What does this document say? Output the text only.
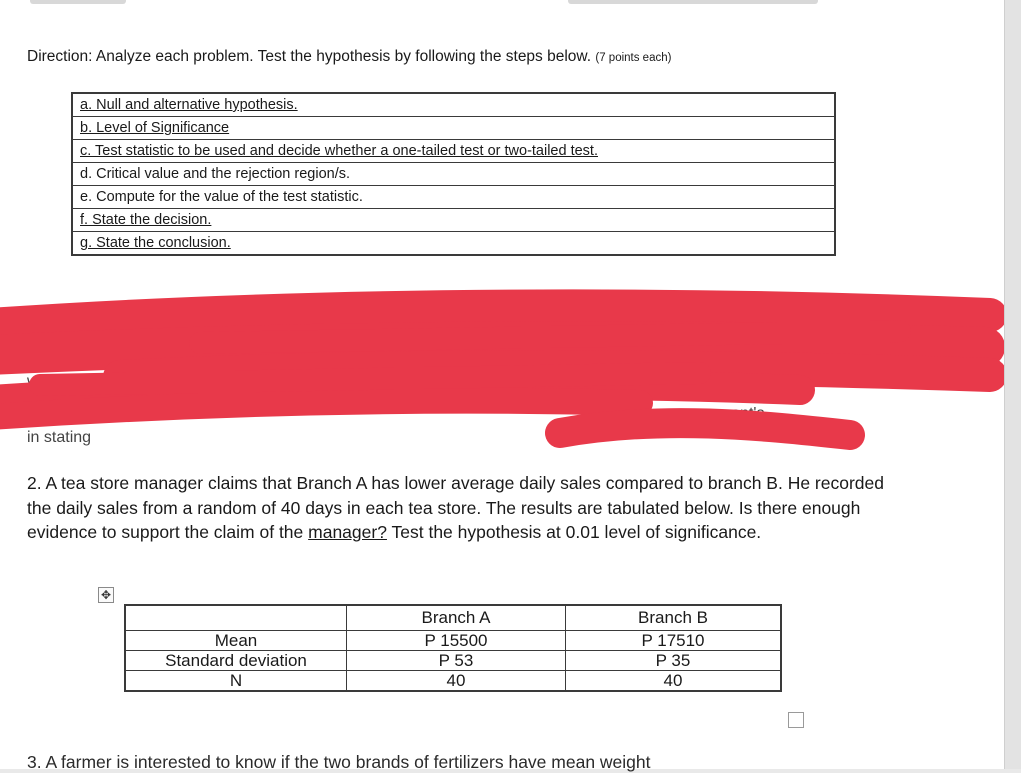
Direction: Analyze each problem. Test the hypothesis by following the steps below. (7 points each)
a. Null and alternative hypothesis.
b. Level of Significance
c. Test statistic to be used and decide whether a one-tailed test or two-tailed test.
d. Critical value and the rejection region/s.
e. Compute for the value of the test statistic.
f. State the decision.
g. State the conclusion.
1. In
with th
management's
in stating
2. A tea store manager claims that Branch A has lower average daily sales compared to branch B. He recorded the daily sales from a random of 40 days in each tea store. The results are tabulated below. Is there enough evidence to support the claim of the manager? Test the hypothesis at 0.01 level of significance.
✥
	Branch A	Branch B
Mean	P 15500	P 17510
Standard deviation	P 53	P 35
N	40	40
3. A farmer is interested to know if the two brands of fertilizers have mean weight
